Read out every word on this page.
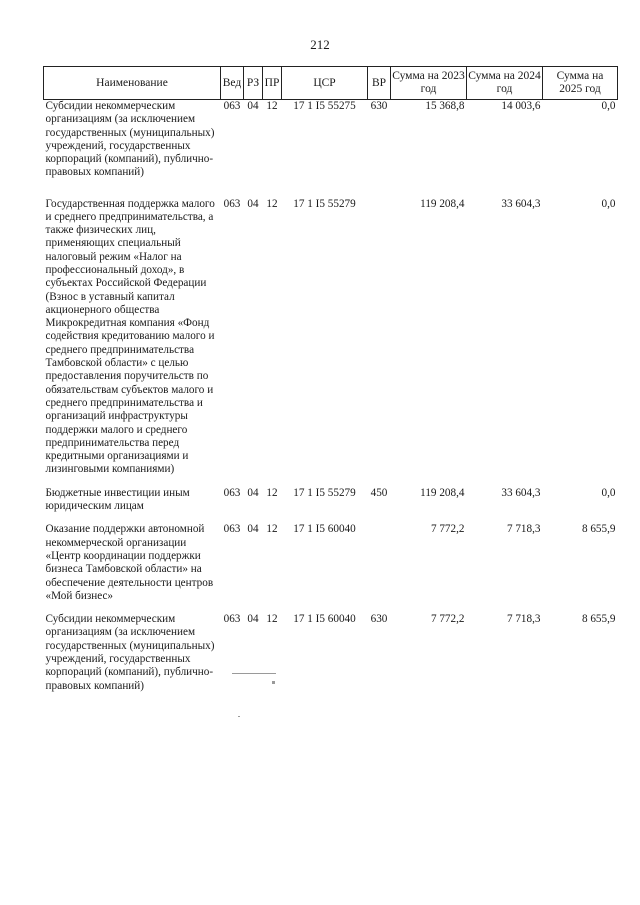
212
Наименование	Вед	РЗ	ПР	ЦСР	ВР	Сумма на 2023 год	Сумма на 2024 год	Сумма на 2025 год
Субсидии некоммерческим организациям (за исключением государственных (муниципальных) учреждений, государственных корпораций (компаний), публично-правовых компаний)	063	04	12	17 1 I5 55275	630	15 368,8	14 003,6	0,0
Государственная поддержка малого и среднего предпринимательства, а также физических лиц, применяющих специальный налоговый режим «Налог на профессиональный доход», в субъектах Российской Федерации (Взнос в уставный капитал акционерного общества Микрокредитная компания «Фонд содействия кредитованию малого и среднего предпринимательства Тамбовской области» с целью предоставления поручительств по обязательствам субъектов малого и среднего предпринимательства и организаций инфраструктуры поддержки малого и среднего предпринимательства перед кредитными организациями и лизинговыми компаниями)	063	04	12	17 1 I5 55279		119 208,4	33 604,3	0,0
Бюджетные инвестиции иным юридическим лицам	063	04	12	17 1 I5 55279	450	119 208,4	33 604,3	0,0
Оказание поддержки автономной некоммерческой организации «Центр координации поддержки бизнеса Тамбовской области» на обеспечение деятельности центров «Мой бизнес»	063	04	12	17 1 I5 60040		7 772,2	7 718,3	8 655,9
Субсидии некоммерческим организациям (за исключением государственных (муниципальных) учреждений, государственных корпораций (компаний), публично-правовых компаний)	063	04	12	17 1 I5 60040	630	7 772,2	7 718,3	8 655,9
